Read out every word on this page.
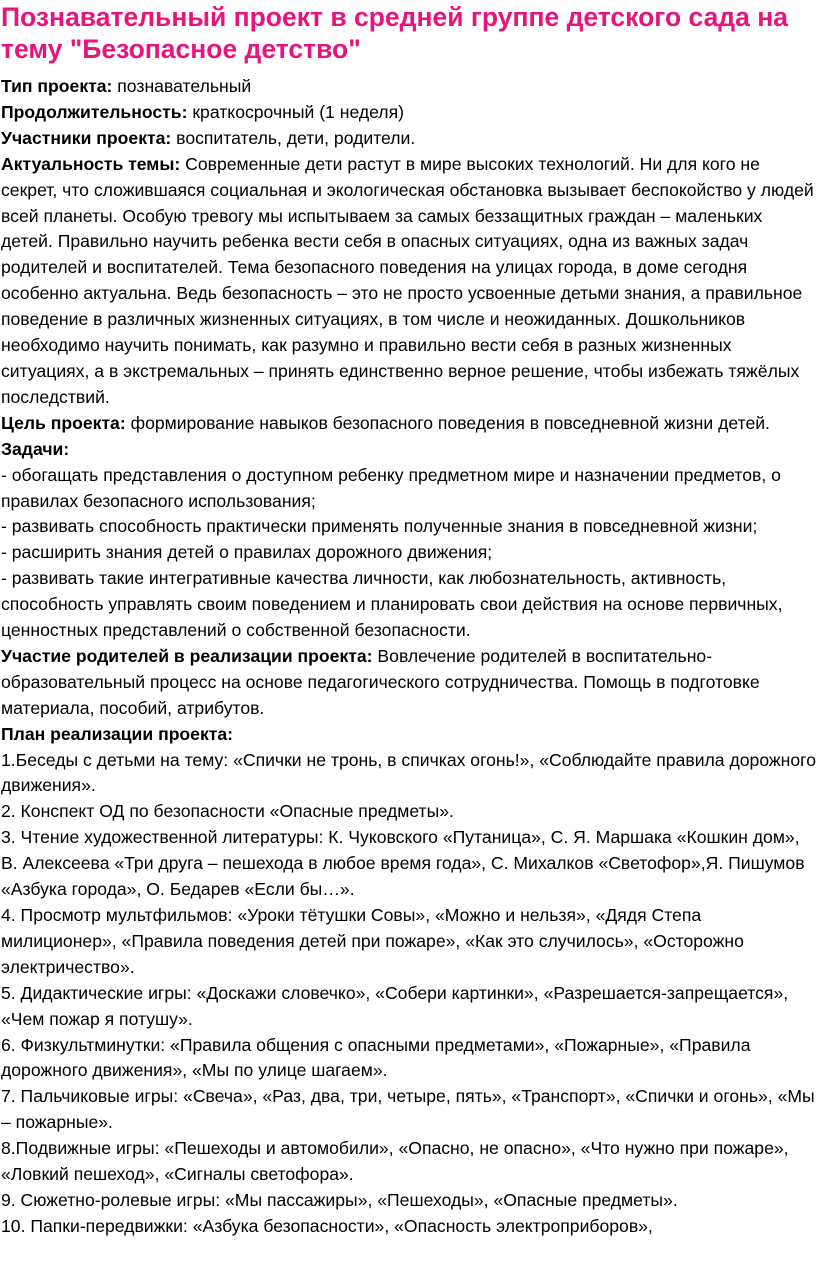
Познавательный проект в средней группе детского сада на тему "Безопасное детство"

Тип проекта: познавательный

Продолжительность: краткосрочный (1 неделя)

Участники проекта: воспитатель, дети, родители.

Актуальность темы: Современные дети растут в мире высоких технологий. Ни для кого не секрет, что сложившаяся социальная и экологическая обстановка вызывает беспокойство у людей всей планеты. Особую тревогу мы испытываем за самых беззащитных граждан – маленьких детей. Правильно научить ребенка вести себя в опасных ситуациях, одна из важных задач родителей и воспитателей. Тема безопасного поведения на улицах города, в доме сегодня особенно актуальна. Ведь безопасность – это не просто усвоенные детьми знания, а правильное поведение в различных жизненных ситуациях, в том числе и неожиданных. Дошкольников необходимо научить понимать, как разумно и правильно вести себя в разных жизненных ситуациях, а в экстремальных – принять единственно верное решение, чтобы избежать тяжёлых последствий.

Цель проекта: формирование навыков безопасного поведения в повседневной жизни детей.

Задачи:

- обогащать представления о доступном ребенку предметном мире и назначении предметов, о правилах безопасного использования;

- развивать способность практически применять полученные знания в повседневной жизни;

- расширить знания детей о правилах дорожного движения;

- развивать такие интегративные качества личности, как любознательность, активность, способность управлять своим поведением и планировать свои действия на основе первичных, ценностных представлений о собственной безопасности.

Участие родителей в реализации проекта: Вовлечение родителей в воспитательно-образовательный процесс на основе педагогического сотрудничества. Помощь в подготовке материала, пособий, атрибутов.

План реализации проекта:

1.Беседы с детьми на тему: «Спички не тронь, в спичках огонь!», «Соблюдайте правила дорожного движения».

2. Конспект ОД по безопасности «Опасные предметы».

3. Чтение художественной литературы: К. Чуковского «Путаница», С. Я. Маршака «Кошкин дом», В. Алексеева «Три друга – пешехода в любое время года», С. Михалков «Светофор»,Я. Пишумов «Азбука города», О. Бедарев «Если бы…».

4. Просмотр мультфильмов: «Уроки тётушки Совы», «Можно и нельзя», «Дядя Степа милиционер», «Правила поведения детей при пожаре», «Как это случилось», «Осторожно электричество».

5. Дидактические игры: «Доскажи словечко», «Собери картинки», «Разрешается-запрещается», «Чем пожар я потушу».

6. Физкультминутки: «Правила общения с опасными предметами», «Пожарные», «Правила дорожного движения», «Мы по улице шагаем».

7. Пальчиковые игры: «Свеча», «Раз, два, три, четыре, пять», «Транспорт», «Спички и огонь», «Мы – пожарные».

8.Подвижные игры: «Пешеходы и автомобили», «Опасно, не опасно», «Что нужно при пожаре», «Ловкий пешеход», «Сигналы светофора».

9. Сюжетно-ролевые игры: «Мы пассажиры», «Пешеходы», «Опасные предметы».

10. Папки-передвижки: «Азбука безопасности», «Опасность электроприборов»,
